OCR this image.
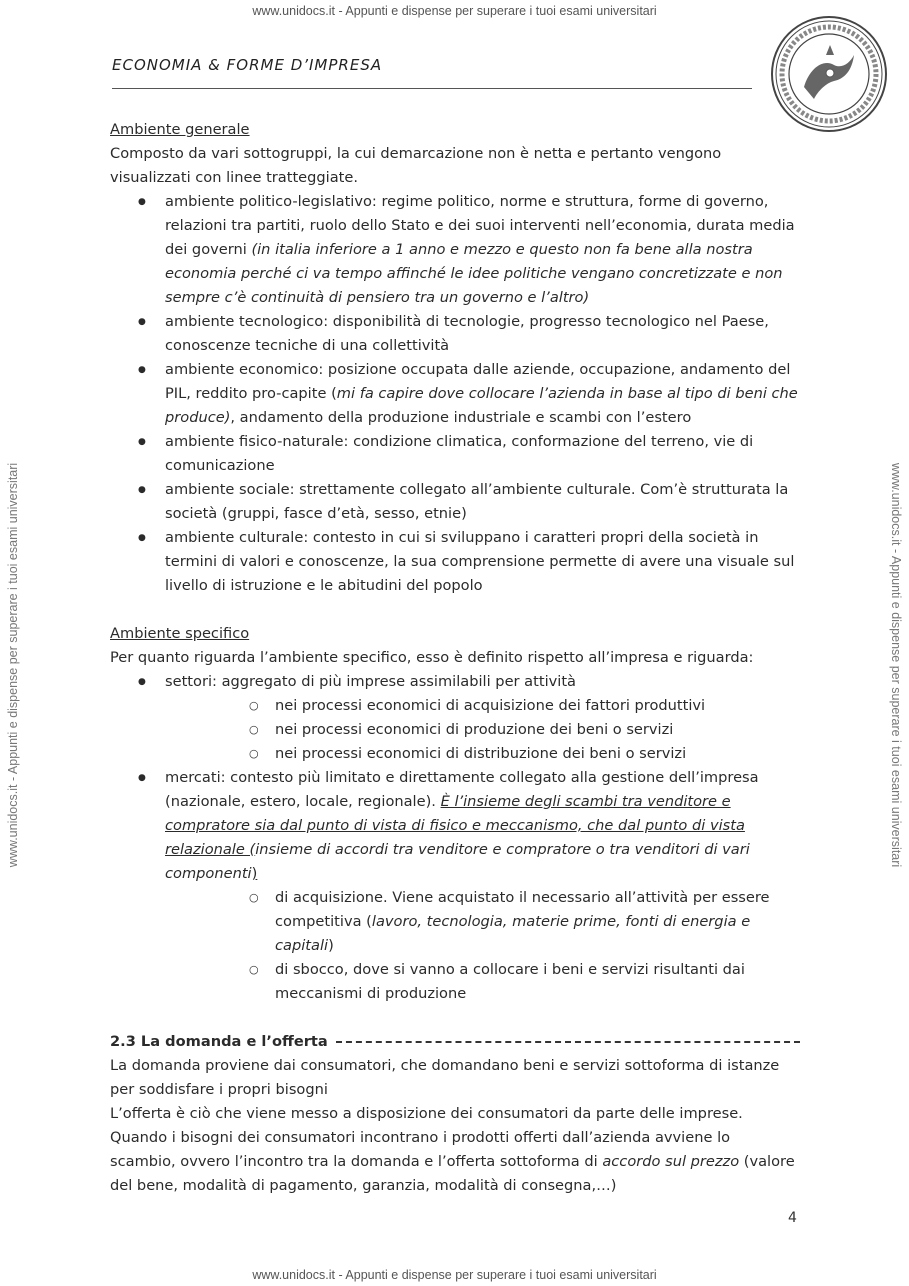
www.unidocs.it - Appunti e dispense per superare i tuoi esami universitari
www.unidocs.it - Appunti e dispense per superare i tuoi esami universitari
www.unidocs.it - Appunti e dispense per superare i tuoi esami universitari	www.unidocs.it - Appunti e dispense per superare i tuoi esami universitari
ECONOMIA & FORME D’IMPRESA

Ambiente generale

Composto da vari sottogruppi, la cui demarcazione non è netta e pertanto vengono visualizzati con linee tratteggiate.

● ambiente politico-legislativo: regime politico, norme e struttura, forme di governo, relazioni tra partiti, ruolo dello Stato e dei suoi interventi nell’economia, durata media dei governi (in italia inferiore a 1 anno e mezzo e questo non fa bene alla nostra economia perché ci va tempo affinché le idee politiche vengano concretizzate e non sempre c’è continuità di pensiero tra un governo e l’altro)
● ambiente tecnologico: disponibilità di tecnologie, progresso tecnologico nel Paese, conoscenze tecniche di una collettività
● ambiente economico: posizione occupata dalle aziende, occupazione, andamento del PIL, reddito pro-capite (mi fa capire dove collocare l’azienda in base al tipo di beni che produce), andamento della produzione industriale e scambi con l’estero
● ambiente fisico-naturale: condizione climatica, conformazione del terreno, vie di comunicazione
● ambiente sociale: strettamente collegato all’ambiente culturale. Com’è strutturata la società (gruppi, fasce d’età, sesso, etnie)
● ambiente culturale: contesto in cui si sviluppano i caratteri propri della società in termini di valori e conoscenze, la sua comprensione permette di avere una visuale sul livello di istruzione e le abitudini del popolo

Ambiente specifico

Per quanto riguarda l’ambiente specifico, esso è definito rispetto all’impresa e riguarda:

● settori: aggregato di più imprese assimilabili per attività
○ nei processi economici di acquisizione dei fattori produttivi
○ nei processi economici di produzione dei beni o servizi
○ nei processi economici di distribuzione dei beni o servizi
● mercati: contesto più limitato e direttamente collegato alla gestione dell’impresa (nazionale, estero, locale, regionale). È l’insieme degli scambi tra venditore e compratore sia dal punto di vista di fisico e meccanismo, che dal punto di vista relazionale (insieme di accordi tra venditore e compratore o tra venditori di vari componenti)
○ di acquisizione. Viene acquistato il necessario all’attività per essere competitiva (lavoro, tecnologia, materie prime, fonti di energia e capitali)
○ di sbocco, dove si vanno a collocare i beni e servizi risultanti dai meccanismi di produzione
2.3 La domanda e l’offerta

La domanda proviene dai consumatori, che domandano beni e servizi sottoforma di istanze per soddisfare i propri bisogni

L’offerta è ciò che viene messo a disposizione dei consumatori da parte delle imprese.

Quando i bisogni dei consumatori incontrano i prodotti offerti dall’azienda avviene lo scambio, ovvero l’incontro tra la domanda e l’offerta sottoforma di accordo sul prezzo (valore del bene, modalità di pagamento, garanzia, modalità di consegna,…)

4
